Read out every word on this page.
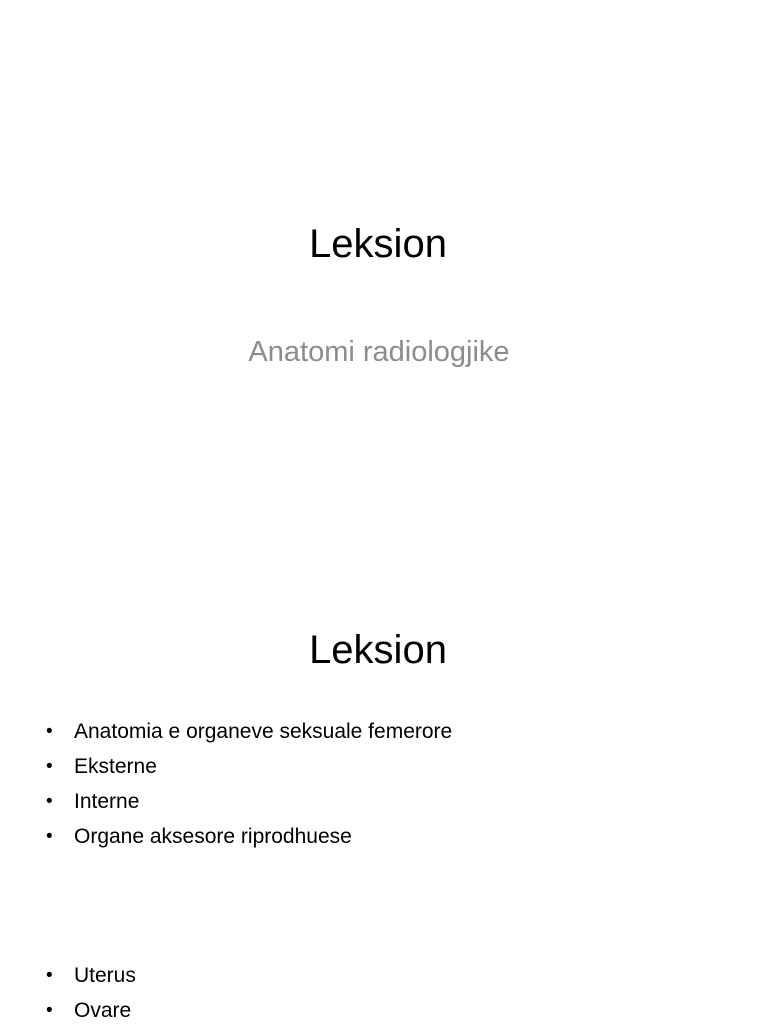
Leksion

Anatomi radiologjike

Leksion
• Anatomia e organeve seksuale femerore
• Eksterne
• Interne
• Organe aksesore riprodhuese
• Uterus
• Ovare
